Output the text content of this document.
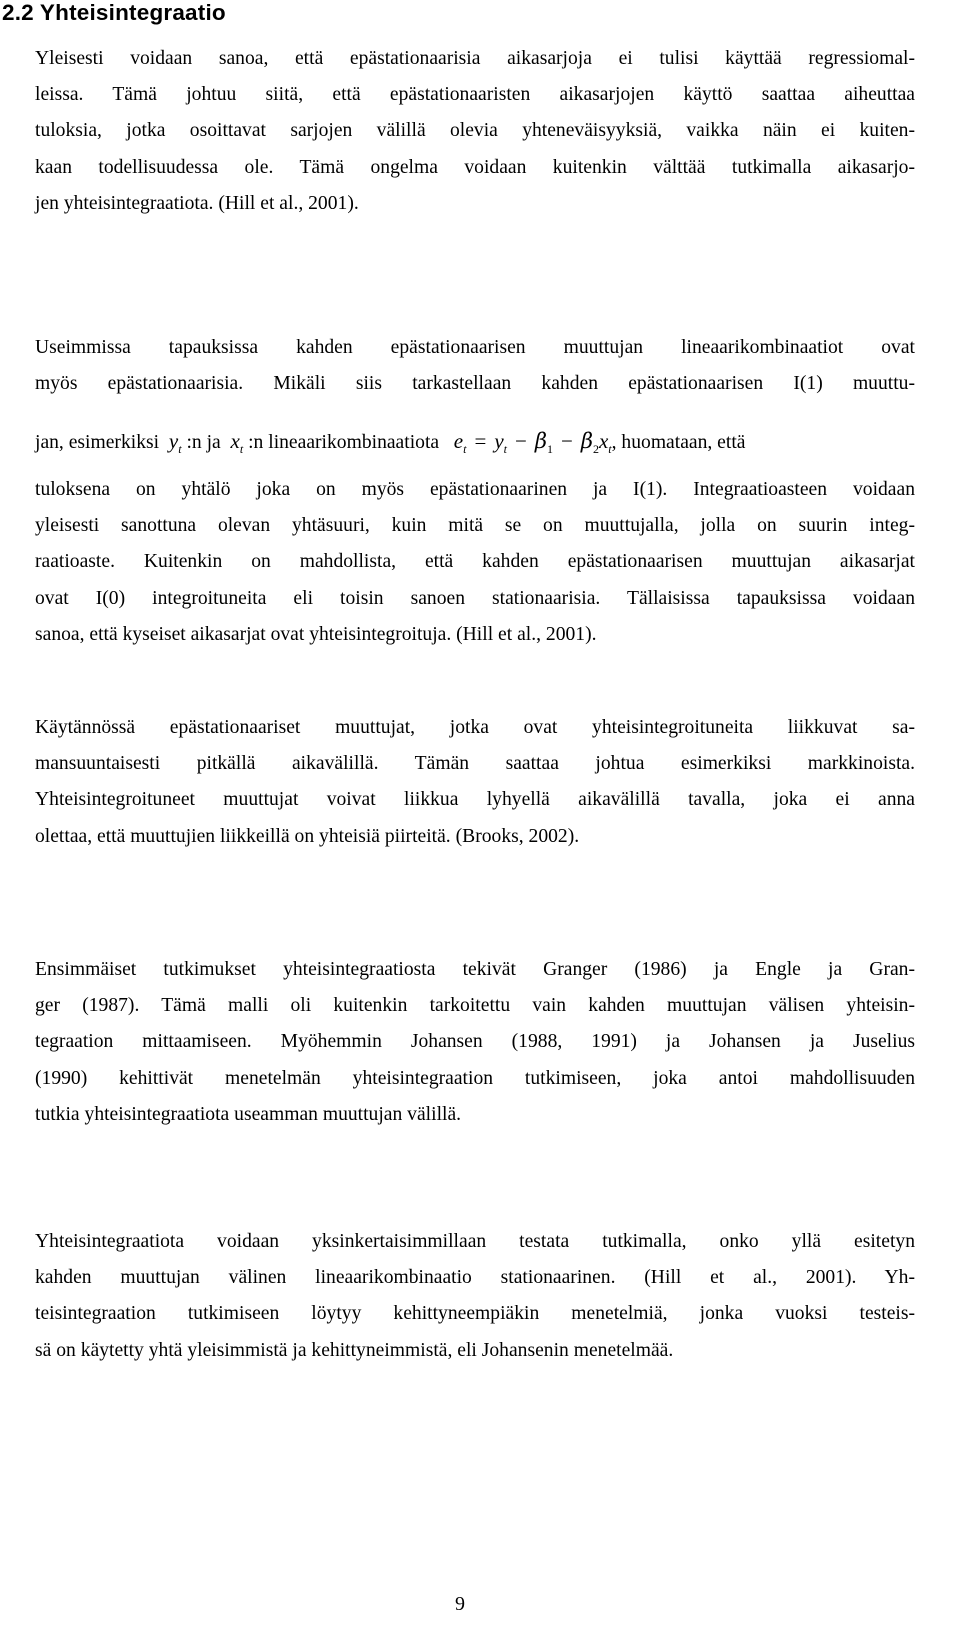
2.2 Yhteisintegraatio
Yleisesti voidaan sanoa, että epästationaarisia aikasarjoja ei tulisi käyttää regressiomal-
leissa. Tämä johtuu siitä, että epästationaaristen aikasarjojen käyttö saattaa aiheuttaa
tuloksia, jotka osoittavat sarjojen välillä olevia yhteneväisyyksiä, vaikka näin ei kuiten-
kaan todellisuudessa ole. Tämä ongelma voidaan kuitenkin välttää tutkimalla aikasarjo-
jen yhteisintegraatiota. (Hill et al., 2001).
Useimmissa tapauksissa kahden epästationaarisen muuttujan lineaarikombinaatiot ovat
myös epästationaarisia. Mikäli siis tarkastellaan kahden epästationaarisen I(1) muuttu-
jan, esimerkiksi $y_t$ :n ja $x_t$ :n lineaarikombinaatiota $e_t = y_t - \beta_1 - \beta_2x_t$, huomataan, että
tuloksena on yhtälö joka on myös epästationaarinen ja I(1). Integraatioasteen voidaan
yleisesti sanottuna olevan yhtäsuuri, kuin mitä se on muuttujalla, jolla on suurin integ-
raatioaste. Kuitenkin on mahdollista, että kahden epästationaarisen muuttujan aikasarjat
ovat I(0) integroituneita eli toisin sanoen stationaarisia. Tällaisissa tapauksissa voidaan
sanoa, että kyseiset aikasarjat ovat yhteisintegroituja. (Hill et al., 2001).
Käytännössä epästationaariset muuttujat, jotka ovat yhteisintegroituneita liikkuvat sa-
mansuuntaisesti pitkällä aikavälillä. Tämän saattaa johtua esimerkiksi markkinoista.
Yhteisintegroituneet muuttujat voivat liikkua lyhyellä aikavälillä tavalla, joka ei anna
olettaa, että muuttujien liikkeillä on yhteisiä piirteitä. (Brooks, 2002).
Ensimmäiset tutkimukset yhteisintegraatiosta tekivät Granger (1986) ja Engle ja Gran-
ger (1987). Tämä malli oli kuitenkin tarkoitettu vain kahden muuttujan välisen yhteisin-
tegraation mittaamiseen. Myöhemmin Johansen (1988, 1991) ja Johansen ja Juselius
(1990) kehittivät menetelmän yhteisintegraation tutkimiseen, joka antoi mahdollisuuden
tutkia yhteisintegraatiota useamman muuttujan välillä.
Yhteisintegraatiota voidaan yksinkertaisimmillaan testata tutkimalla, onko yllä esitetyn
kahden muuttujan välinen lineaarikombinaatio stationaarinen. (Hill et al., 2001). Yh-
teisintegraation tutkimiseen löytyy kehittyneempiäkin menetelmiä, jonka vuoksi testeis-
sä on käytetty yhtä yleisimmistä ja kehittyneimmistä, eli Johansenin menetelmää.
9
